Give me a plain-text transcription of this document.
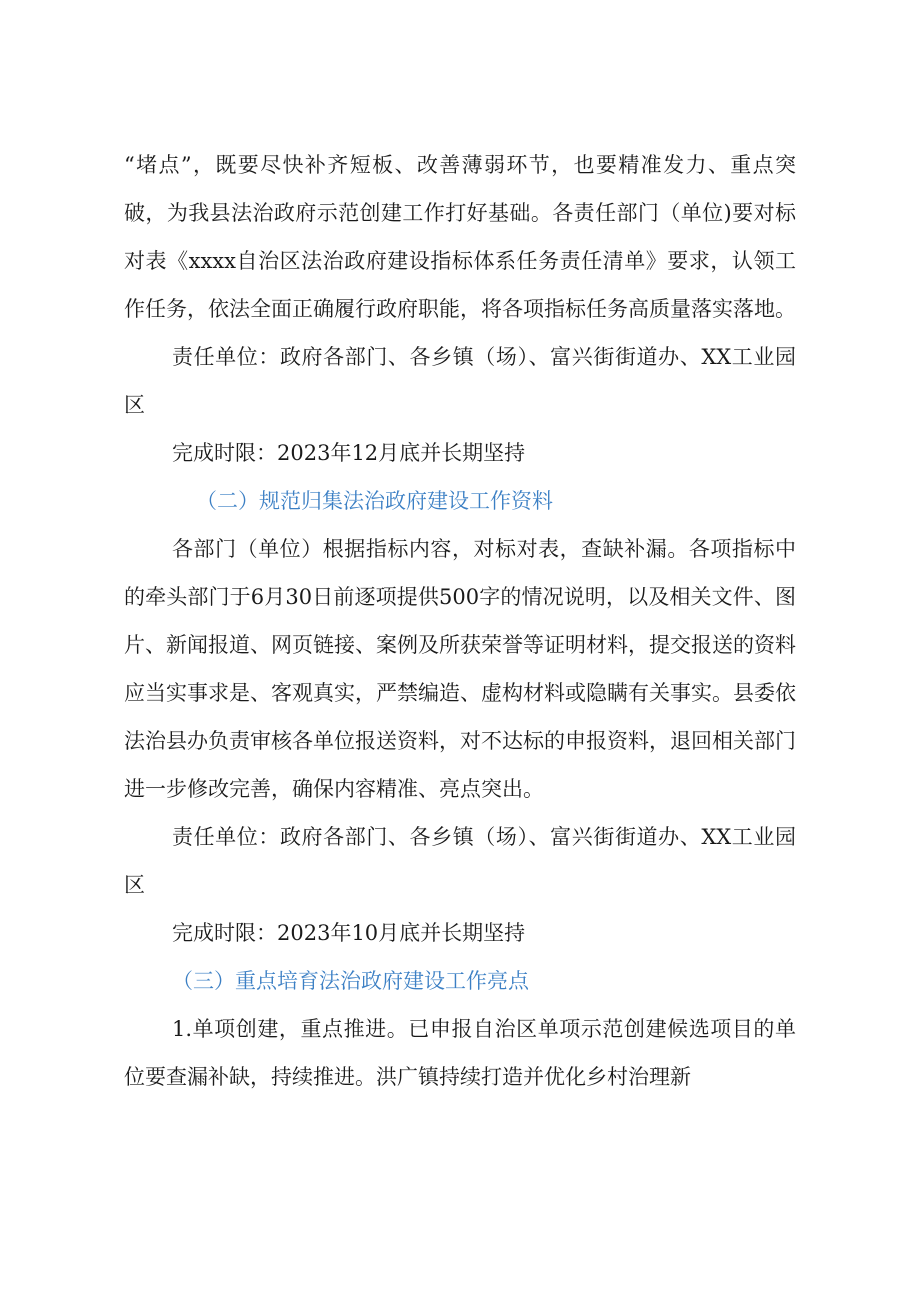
“堵点”，既要尽快补齐短板、改善薄弱环节，也要精准发力、重点突破，为我县法治政府示范创建工作打好基础。各责任部门（单位)要对标对表《xxxx自治区法治政府建设指标体系任务责任清单》要求，认领工作任务，依法全面正确履行政府职能，将各项指标任务高质量落实落地。

责任单位：政府各部门、各乡镇（场）、富兴街街道办、XX工业园区

完成时限：2023年12月底并长期坚持

（二）规范归集法治政府建设工作资料

各部门（单位）根据指标内容，对标对表，查缺补漏。各项指标中的牵头部门于6月30日前逐项提供500字的情况说明，以及相关文件、图片、新闻报道、网页链接、案例及所获荣誉等证明材料，提交报送的资料应当实事求是、客观真实，严禁编造、虚构材料或隐瞒有关事实。县委依法治县办负责审核各单位报送资料，对不达标的申报资料，退回相关部门进一步修改完善，确保内容精准、亮点突出。

责任单位：政府各部门、各乡镇（场）、富兴街街道办、XX工业园区

完成时限：2023年10月底并长期坚持

（三）重点培育法治政府建设工作亮点

1.单项创建，重点推进。已申报自治区单项示范创建候选项目的单位要查漏补缺，持续推进。洪广镇持续打造并优化乡村治理新
